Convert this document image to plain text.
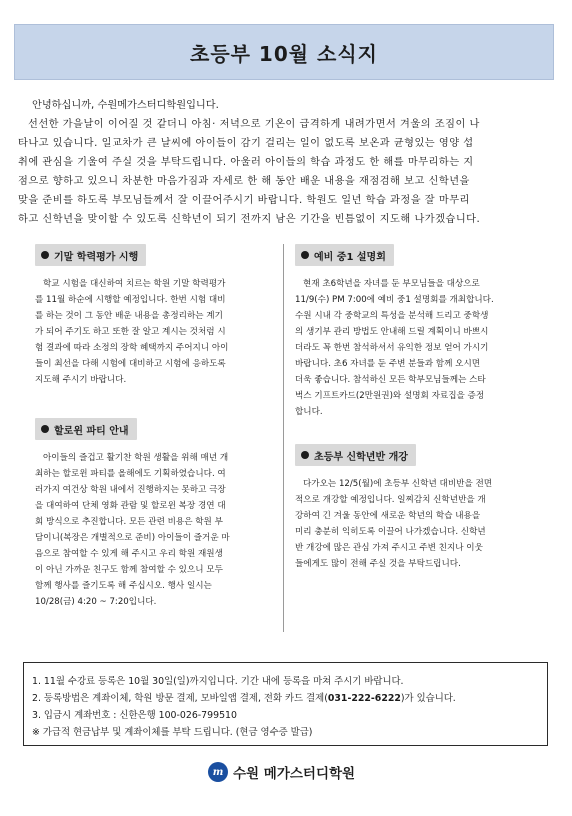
초등부 10월 소식지

안녕하십니까, 수원메가스터디학원입니다.

선선한 가을날이 이어질 것 같더니 아침· 저녁으로 기온이 급격하게 내려가면서 겨울의 조짐이 나

타나고 있습니다. 일교차가 큰 날씨에 아이들이 감기 걸리는 일이 없도록 보온과 균형있는 영양 섭

취에 관심을 기울여 주실 것을 부탁드립니다. 아울러 아이들의 학습 과정도 한 해를 마무리하는 지

점으로 향하고 있으니 차분한 마음가짐과 자세로 한 해 동안 배운 내용을 재점검해 보고 신학년을

맞을 준비를 하도록 부모님들께서 잘 이끌어주시기 바랍니다. 학원도 일년 학습 과정을 잘 마무리

하고 신학년을 맞이할 수 있도록 신학년이 되기 전까지 남은 기간을 빈틈없이 지도해 나가겠습니다.

기말 학력평가 시행
학교 시험을 대신하여 치르는 학원 기말 학력평가
를 11월 하순에 시행할 예정입니다. 한번 시험 대비
를 하는 것이 그 동안 배운 내용을 총정리하는 계기
가 되어 주기도 하고 또한 잘 알고 계시는 것처럼 시
험 결과에 따라 소정의 장학 혜택까지 주어지니 아이
들이 최선을 다해 시험에 대비하고 시험에 응하도록
지도해 주시기 바랍니다.
할로윈 파티 안내
아이들의 즐겁고 활기찬 학원 생활을 위해 매년 개
최하는 할로윈 파티를 올해에도 기획하였습니다. 여
러가지 여건상 학원 내에서 진행하지는 못하고 극장
을 대여하여 단체 영화 관람 및 할로윈 복장 경연 대
회 방식으로 추진합니다. 모든 관련 비용은 학원 부
담이니(복장은 개별적으로 준비) 아이들이 즐거운 마
음으로 참여할 수 있게 해 주시고 우리 학원 재원생
이 아닌 가까운 친구도 함께 참여할 수 있으니 모두
함께 행사를 즐기도록 해 주십시오. 행사 일시는
10/28(금) 4:20 ~ 7:20입니다.
예비 중1 설명회
현재 초6학년을 자녀를 둔 부모님들을 대상으로
11/9(수) PM 7:00에 예비 중1 설명회를 개최합니다.
수원 시내 각 중학교의 특성을 분석해 드리고 중학생
의 생기부 관리 방법도 안내해 드릴 계획이니 바쁘시
더라도 꼭 한번 참석하셔서 유익한 정보 얻어 가시기
바랍니다. 초6 자녀를 둔 주변 분들과 함께 오시면
더욱 좋습니다. 참석하신 모든 학부모님들께는 스타
벅스 기프트카드(2만원권)와 설명회 자료집을 증정
합니다.
초등부 신학년반 개강
다가오는 12/5(월)에 초등부 신학년 대비반을 전면
적으로 개강할 예정입니다. 일찌감치 신학년반을 개
강하여 긴 겨울 동안에 새로운 학년의 학습 내용을
미리 충분히 익히도록 이끌어 나가겠습니다. 신학년
반 개강에 많은 관심 가져 주시고 주변 친지나 이웃
들에게도 많이 전해 주실 것을 부탁드립니다.
1. 11월 수강료 등록은 10월 30일(일)까지입니다. 기간 내에 등록을 마쳐 주시기 바랍니다.
2. 등록방법은 계좌이체, 학원 방문 결제, 모바일앱 결제, 전화 카드 결제(031-222-6222)가 있습니다.
3. 입금시 계좌번호 : 신한은행 100-026-799510
※ 가급적 현금납부 및 계좌이체를 부탁 드립니다. (현금 영수증 발급)
m 수원 메가스터디학원
